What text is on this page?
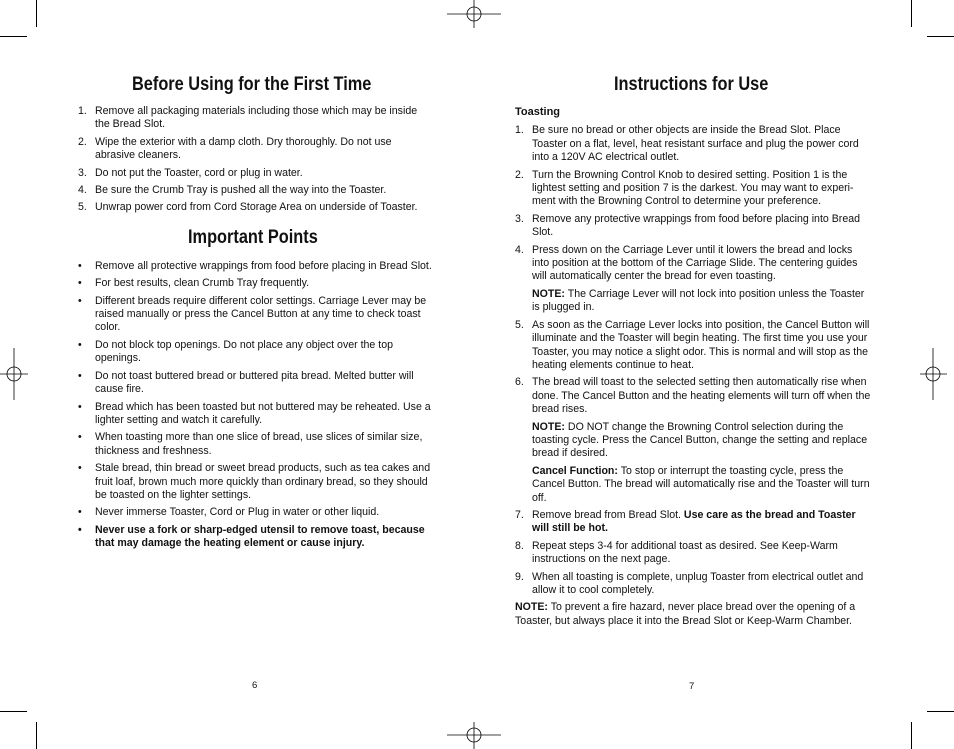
Before Using for the First Time
1. Remove all packaging materials including those which may be inside the Bread Slot.
2. Wipe the exterior with a damp cloth. Dry thoroughly. Do not use abrasive cleaners.
3. Do not put the Toaster, cord or plug in water.
4. Be sure the Crumb Tray is pushed all the way into the Toaster.
5. Unwrap power cord from Cord Storage Area on underside of Toaster.
Important Points
• Remove all protective wrappings from food before placing in Bread Slot.
• For best results, clean Crumb Tray frequently.
• Different breads require different color settings. Carriage Lever may be raised manually or press the Cancel Button at any time to check toast color.
• Do not block top openings. Do not place any object over the top openings.
• Do not toast buttered bread or buttered pita bread. Melted butter will cause fire.
• Bread which has been toasted but not buttered may be reheated. Use a lighter setting and watch it carefully.
• When toasting more than one slice of bread, use slices of similar size, thickness and freshness.
• Stale bread, thin bread or sweet bread products, such as tea cakes and fruit loaf, brown much more quickly than ordinary bread, so they should be toasted on the lighter settings.
• Never immerse Toaster, Cord or Plug in water or other liquid.
• Never use a fork or sharp-edged utensil to remove toast, because that may damage the heating element or cause injury.
6
Instructions for Use
Toasting
1. Be sure no bread or other objects are inside the Bread Slot. Place Toaster on a flat, level, heat resistant surface and plug the power cord into a 120V AC electrical outlet.
2. Turn the Browning Control Knob to desired setting. Position 1 is the lightest setting and position 7 is the darkest. You may want to experi-ment with the Browning Control to determine your preference.
3. Remove any protective wrappings from food before placing into Bread Slot.
4. Press down on the Carriage Lever until it lowers the bread and locks into position at the bottom of the Carriage Slide. The centering guides will automatically center the bread for even toasting.
NOTE: The Carriage Lever will not lock into position unless the Toaster is plugged in.
5. As soon as the Carriage Lever locks into position, the Cancel Button will illuminate and the Toaster will begin heating. The first time you use your Toaster, you may notice a slight odor. This is normal and will stop as the heating elements continue to heat.
6. The bread will toast to the selected setting then automatically rise when done. The Cancel Button and the heating elements will turn off when the bread rises.
NOTE: DO NOT change the Browning Control selection during the toasting cycle. Press the Cancel Button, change the setting and replace bread if desired.
Cancel Function: To stop or interrupt the toasting cycle, press the Cancel Button. The bread will automatically rise and the Toaster will turn off.
7. Remove bread from Bread Slot. Use care as the bread and Toaster will still be hot.
8. Repeat steps 3-4 for additional toast as desired. See Keep-Warm instructions on the next page.
9. When all toasting is complete, unplug Toaster from electrical outlet and allow it to cool completely.
NOTE: To prevent a fire hazard, never place bread over the opening of a Toaster, but always place it into the Bread Slot or Keep-Warm Chamber.
7
